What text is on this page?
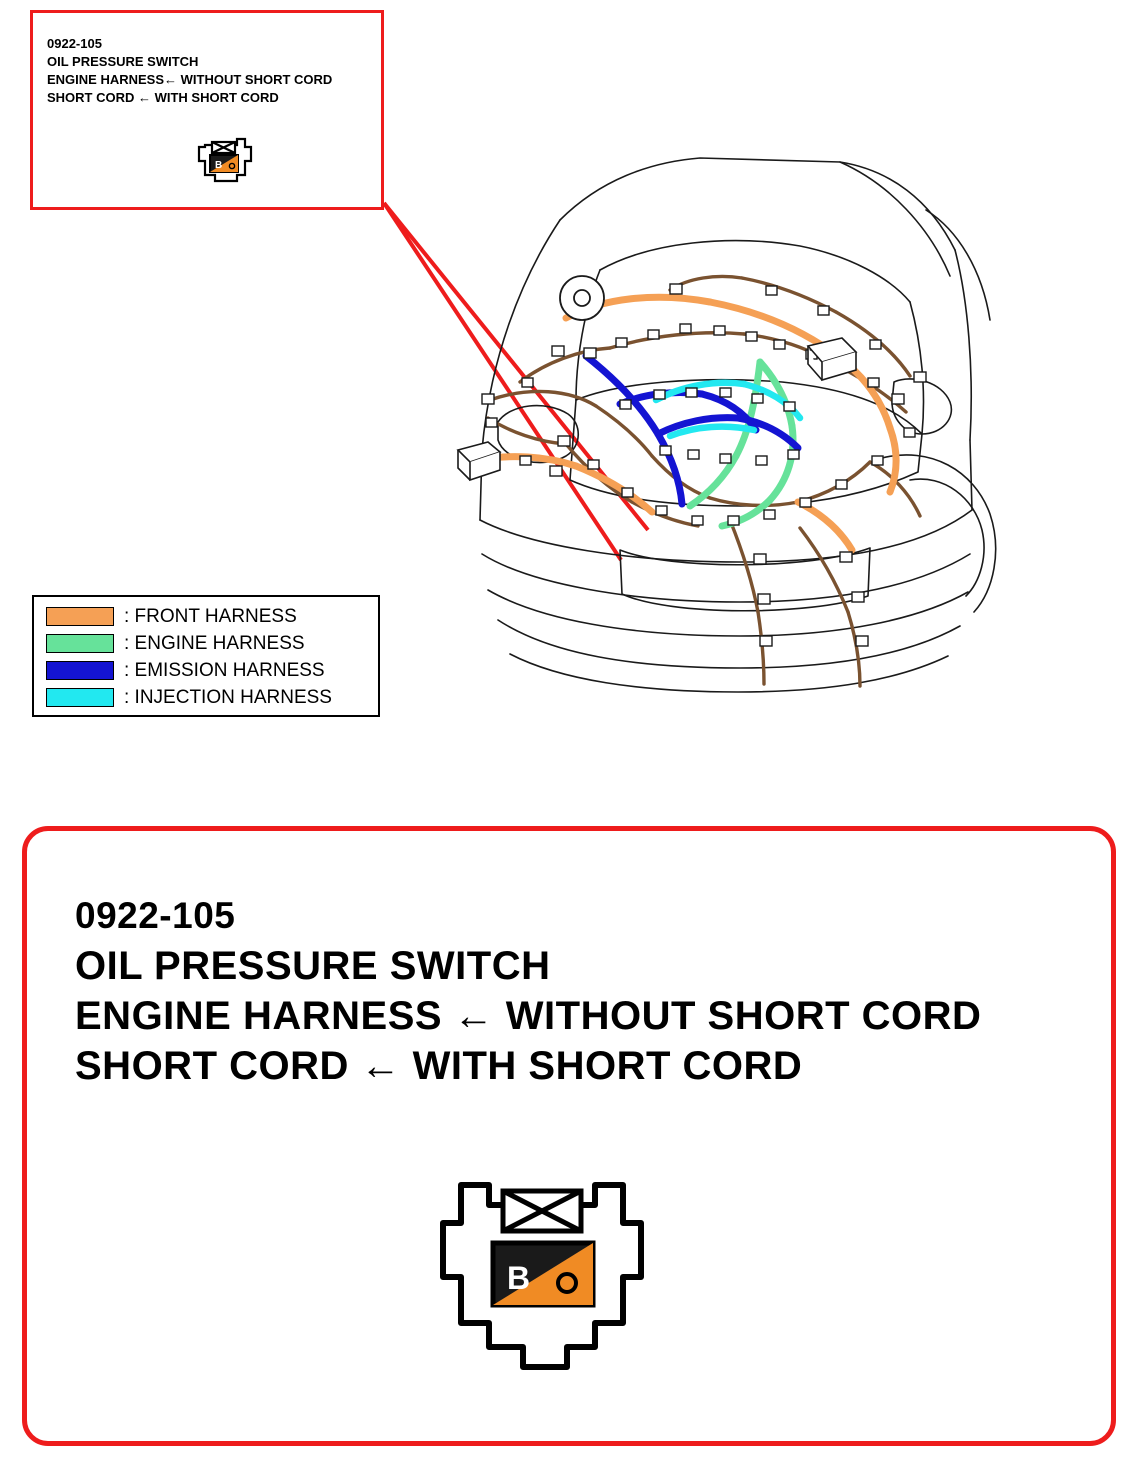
0922-105
OIL PRESSURE SWITCH
ENGINE HARNESS← WITHOUT SHORT CORD
SHORT CORD ← WITH SHORT CORD
B
: FRONT HARNESS
: ENGINE HARNESS
: EMISSION HARNESS
: INJECTION HARNESS
0922-105
OIL PRESSURE SWITCH
ENGINE HARNESS ← WITHOUT SHORT CORD
SHORT CORD ← WITH SHORT CORD
B
